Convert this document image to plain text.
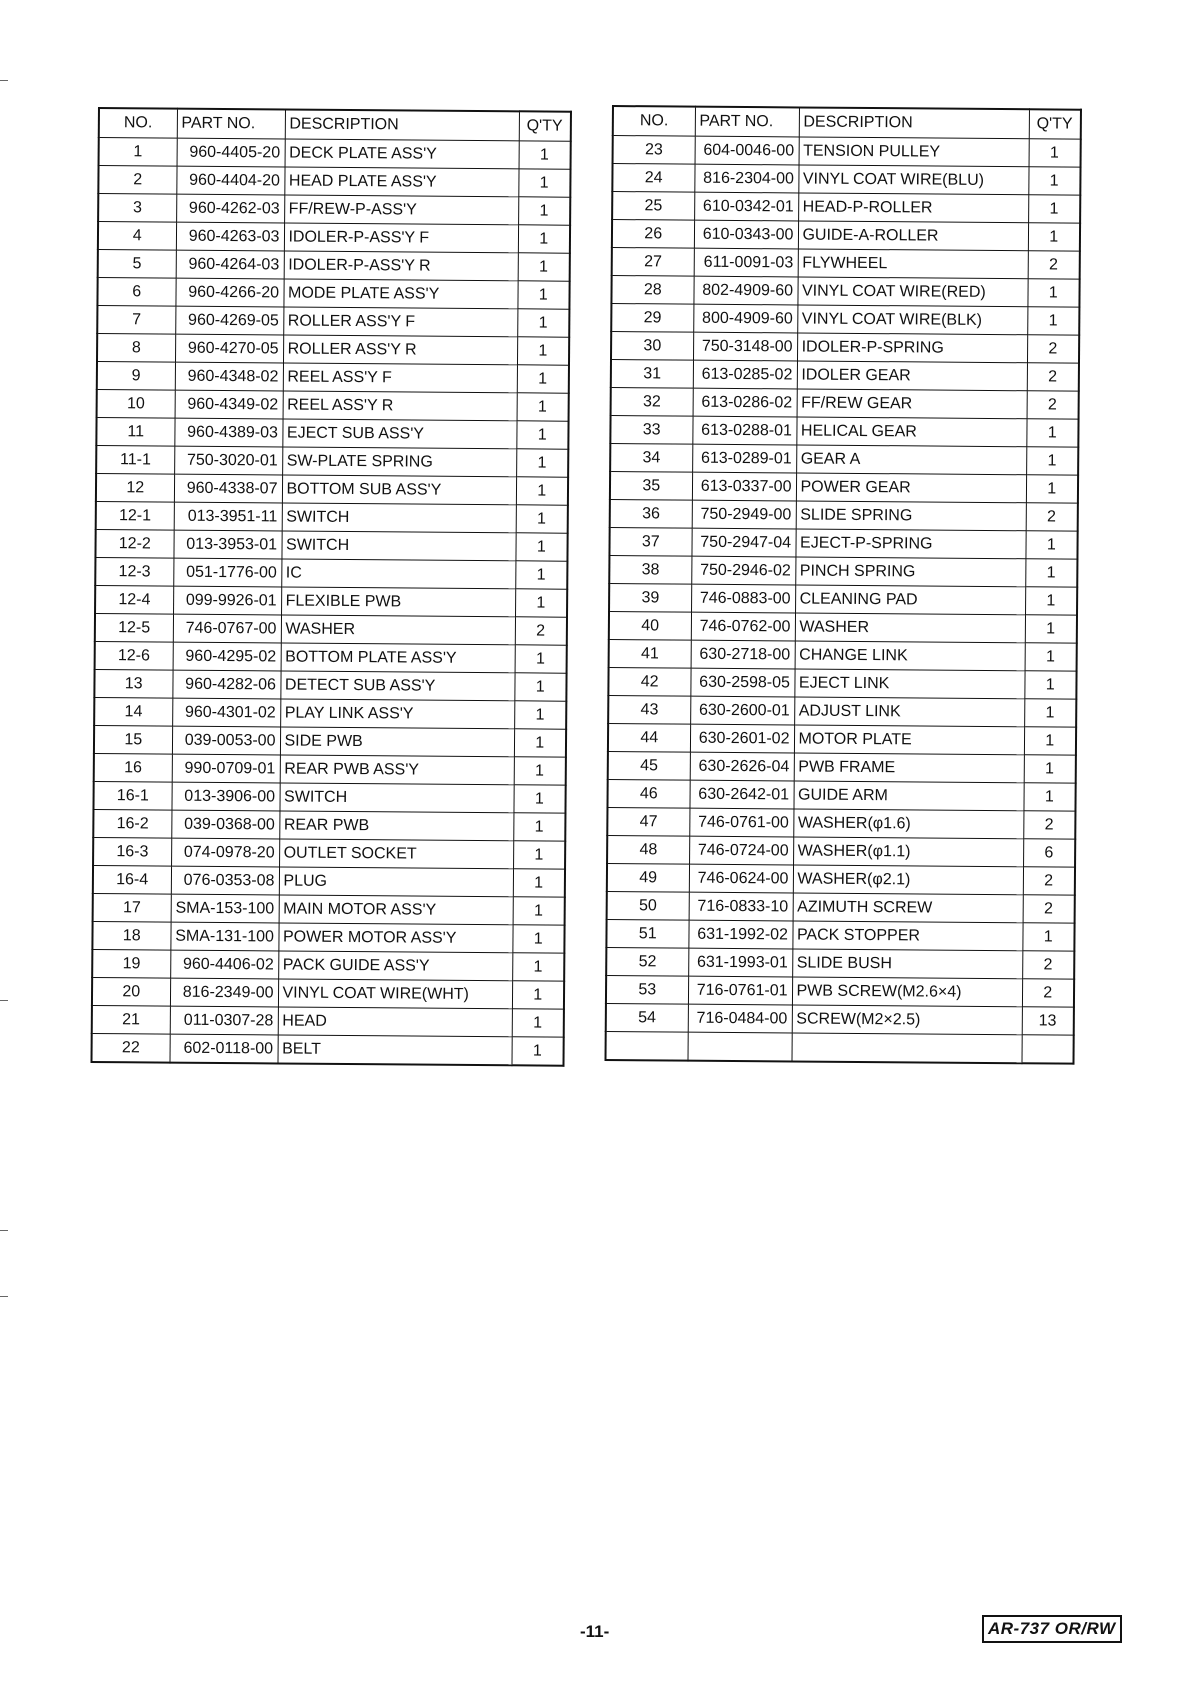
NO.	PART NO.	DESCRIPTION	Q'TY
1	960-4405-20	DECK PLATE ASS'Y	1
2	960-4404-20	HEAD PLATE ASS'Y	1
3	960-4262-03	FF/REW-P-ASS'Y	1
4	960-4263-03	IDOLER-P-ASS'Y F	1
5	960-4264-03	IDOLER-P-ASS'Y R	1
6	960-4266-20	MODE PLATE ASS'Y	1
7	960-4269-05	ROLLER ASS'Y F	1
8	960-4270-05	ROLLER ASS'Y R	1
9	960-4348-02	REEL ASS'Y F	1
10	960-4349-02	REEL ASS'Y R	1
11	960-4389-03	EJECT SUB ASS'Y	1
11-1	750-3020-01	SW-PLATE SPRING	1
12	960-4338-07	BOTTOM SUB ASS'Y	1
12-1	013-3951-11	SWITCH	1
12-2	013-3953-01	SWITCH	1
12-3	051-1776-00	IC	1
12-4	099-9926-01	FLEXIBLE PWB	1
12-5	746-0767-00	WASHER	2
12-6	960-4295-02	BOTTOM PLATE ASS'Y	1
13	960-4282-06	DETECT SUB ASS'Y	1
14	960-4301-02	PLAY LINK ASS'Y	1
15	039-0053-00	SIDE PWB	1
16	990-0709-01	REAR PWB ASS'Y	1
16-1	013-3906-00	SWITCH	1
16-2	039-0368-00	REAR PWB	1
16-3	074-0978-20	OUTLET SOCKET	1
16-4	076-0353-08	PLUG	1
17	SMA-153-100	MAIN MOTOR ASS'Y	1
18	SMA-131-100	POWER MOTOR ASS'Y	1
19	960-4406-02	PACK GUIDE ASS'Y	1
20	816-2349-00	VINYL COAT WIRE(WHT)	1
21	011-0307-28	HEAD	1
22	602-0118-00	BELT	1
NO.	PART NO.	DESCRIPTION	Q'TY
23	604-0046-00	TENSION PULLEY	1
24	816-2304-00	VINYL COAT WIRE(BLU)	1
25	610-0342-01	HEAD-P-ROLLER	1
26	610-0343-00	GUIDE-A-ROLLER	1
27	611-0091-03	FLYWHEEL	2
28	802-4909-60	VINYL COAT WIRE(RED)	1
29	800-4909-60	VINYL COAT WIRE(BLK)	1
30	750-3148-00	IDOLER-P-SPRING	2
31	613-0285-02	IDOLER GEAR	2
32	613-0286-02	FF/REW GEAR	2
33	613-0288-01	HELICAL GEAR	1
34	613-0289-01	GEAR A	1
35	613-0337-00	POWER GEAR	1
36	750-2949-00	SLIDE SPRING	2
37	750-2947-04	EJECT-P-SPRING	1
38	750-2946-02	PINCH SPRING	1
39	746-0883-00	CLEANING PAD	1
40	746-0762-00	WASHER	1
41	630-2718-00	CHANGE LINK	1
42	630-2598-05	EJECT LINK	1
43	630-2600-01	ADJUST LINK	1
44	630-2601-02	MOTOR PLATE	1
45	630-2626-04	PWB FRAME	1
46	630-2642-01	GUIDE ARM	1
47	746-0761-00	WASHER(φ1.6)	2
48	746-0724-00	WASHER(φ1.1)	6
49	746-0624-00	WASHER(φ2.1)	2
50	716-0833-10	AZIMUTH SCREW	2
51	631-1992-02	PACK STOPPER	1
52	631-1993-01	SLIDE BUSH	2
53	716-0761-01	PWB SCREW(M2.6×4)	2
54	716-0484-00	SCREW(M2×2.5)	13

-11-	AR-737 OR/RW
